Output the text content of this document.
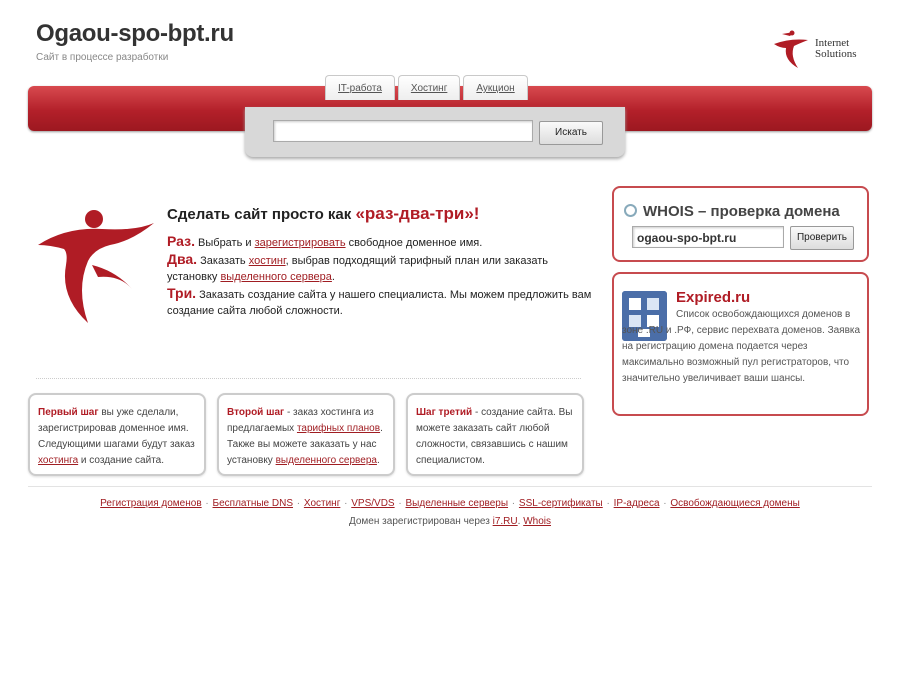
Ogaou-spo-bpt.ru
Сайт в процессе разработки
Internet
Solutions
IT-работа	Хостинг	Аукцион
Искать
Сделать сайт просто как «раз-два-три»!
Раз. Выбрать и зарегистрировать свободное доменное имя.
Два. Заказать хостинг, выбрав подходящий тарифный план или заказать установку выделенного сервера.
Три. Заказать создание сайта у нашего специалиста. Мы можем предложить вам создание сайта любой сложности.
Первый шаг вы уже сделали, зарегистрировав доменное имя. Следующими шагами будут заказ хостинга и создание сайта.
Второй шаг - заказ хостинга из предлагаемых тарифных планов. Также вы можете заказать у нас установку выделенного сервера.
Шаг третий - создание сайта. Вы можете заказать сайт любой сложности, связавшись с нашим специалистом.
WHOIS – проверка домена
ogaou-spo-bpt.ru	Проверить
Expired.ru
Список освобождающихся доменов в зоне .RU и .РФ, сервис перехвата доменов. Заявка на регистрацию домена подается через максимально возможный пул регистраторов, что значительно увеличивает ваши шансы.
Регистрация доменов · Бесплатные DNS · Хостинг · VPS/VDS · Выделенные серверы · SSL-сертификаты · IP-адреса · Освобождающиеся домены
Домен зарегистрирован через i7.RU. Whois
